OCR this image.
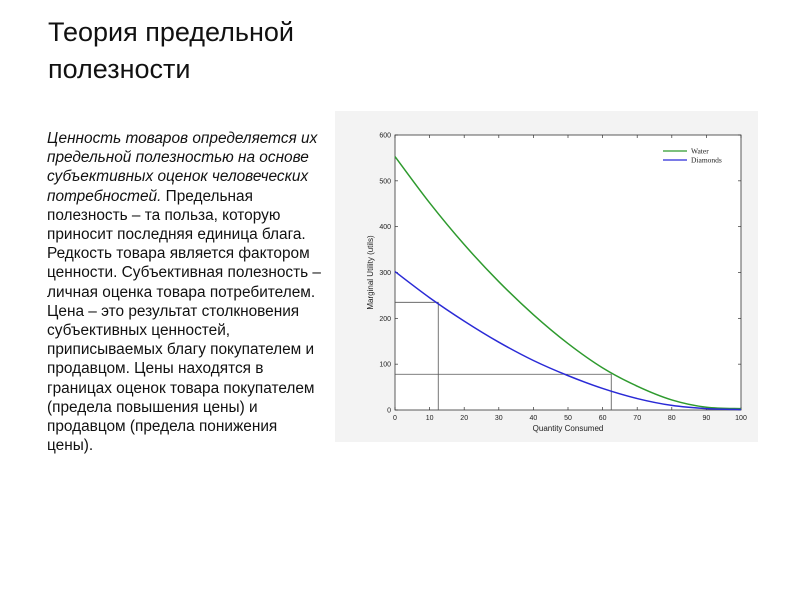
Теория предельной полезности
Ценность товаров определяется их предельной полезностью на основе субъективных оценок человеческих потребностей. Предельная полезность – та польза, которую приносит последняя единица блага. Редкость товара является фактором ценности. Субъективная полезность – личная оценка товара потребителем. Цена – это результат столкновения субъективных ценностей, приписываемых благу покупателем и продавцом. Цены находятся в границах оценок товара покупателем (предела повышения цены) и продавцом (предела понижения цены).
0	10	20	30	40	50	60	70	80	90	100
0
100
200
300
400
500
600
Quantity Consumed
Marginal Utility (utils)
Water
Diamonds
